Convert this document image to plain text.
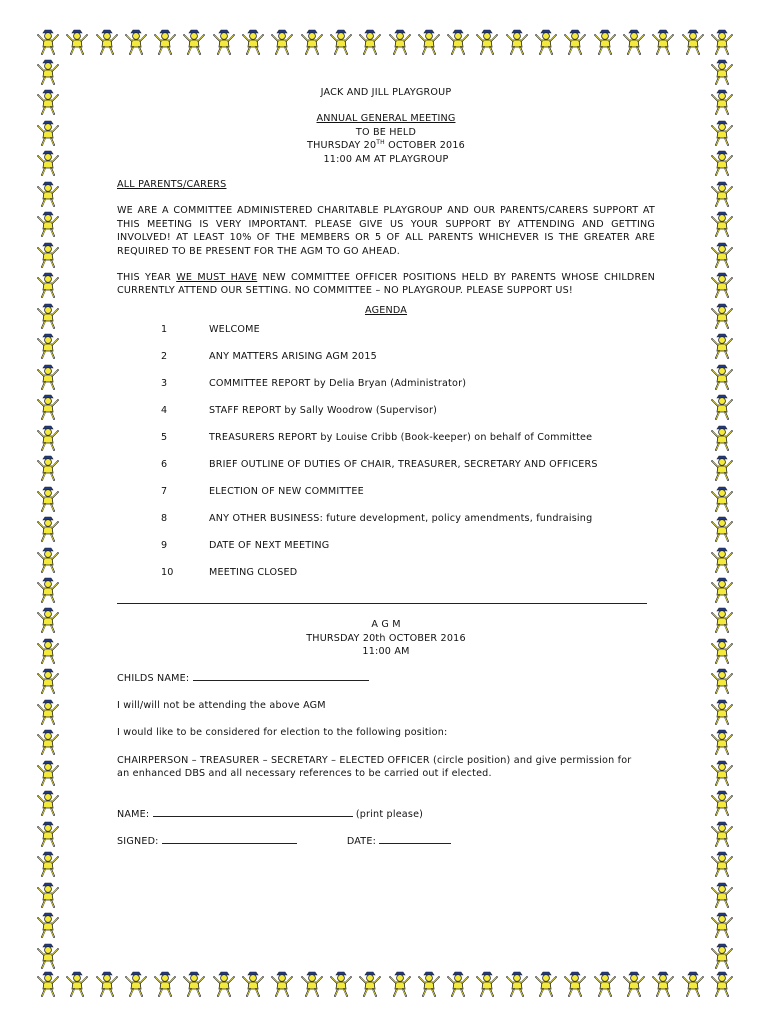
JACK AND JILL PLAYGROUP
ANNUAL GENERAL MEETING
TO BE HELD
THURSDAY 20TH OCTOBER 2016
11:00 AM AT PLAYGROUP
ALL PARENTS/CARERS
WE ARE A COMMITTEE ADMINISTERED CHARITABLE PLAYGROUP AND OUR PARENTS/CARERS SUPPORT AT THIS MEETING IS VERY IMPORTANT. PLEASE GIVE US YOUR SUPPORT BY ATTENDING AND GETTING INVOLVED! AT LEAST 10% OF THE MEMBERS OR 5 OF ALL PARENTS WHICHEVER IS THE GREATER ARE REQUIRED TO BE PRESENT FOR THE AGM TO GO AHEAD.
THIS YEAR WE MUST HAVE NEW COMMITTEE OFFICER POSITIONS HELD BY PARENTS WHOSE CHILDREN CURRENTLY ATTEND OUR SETTING. NO COMMITTEE – NO PLAYGROUP. PLEASE SUPPORT US!
AGENDA
1	WELCOME
2	ANY MATTERS ARISING AGM 2015
3	COMMITTEE REPORT by Delia Bryan (Administrator)
4	STAFF REPORT by Sally Woodrow (Supervisor)
5	TREASURERS REPORT by Louise Cribb (Book-keeper) on behalf of Committee
6	BRIEF OUTLINE OF DUTIES OF CHAIR, TREASURER, SECRETARY AND OFFICERS
7	ELECTION OF NEW COMMITTEE
8	ANY OTHER BUSINESS: future development, policy amendments, fundraising
9	DATE OF NEXT MEETING
10	MEETING CLOSED
A G M
THURSDAY 20th OCTOBER 2016
11:00 AM
CHILDS NAME:
I will/will not be attending the above AGM
I would like to be considered for election to the following position:
CHAIRPERSON – TREASURER – SECRETARY – ELECTED OFFICER (circle position) and give permission for an enhanced DBS and all necessary references to be carried out if elected.
NAME:	(print please)
SIGNED:	DATE:
